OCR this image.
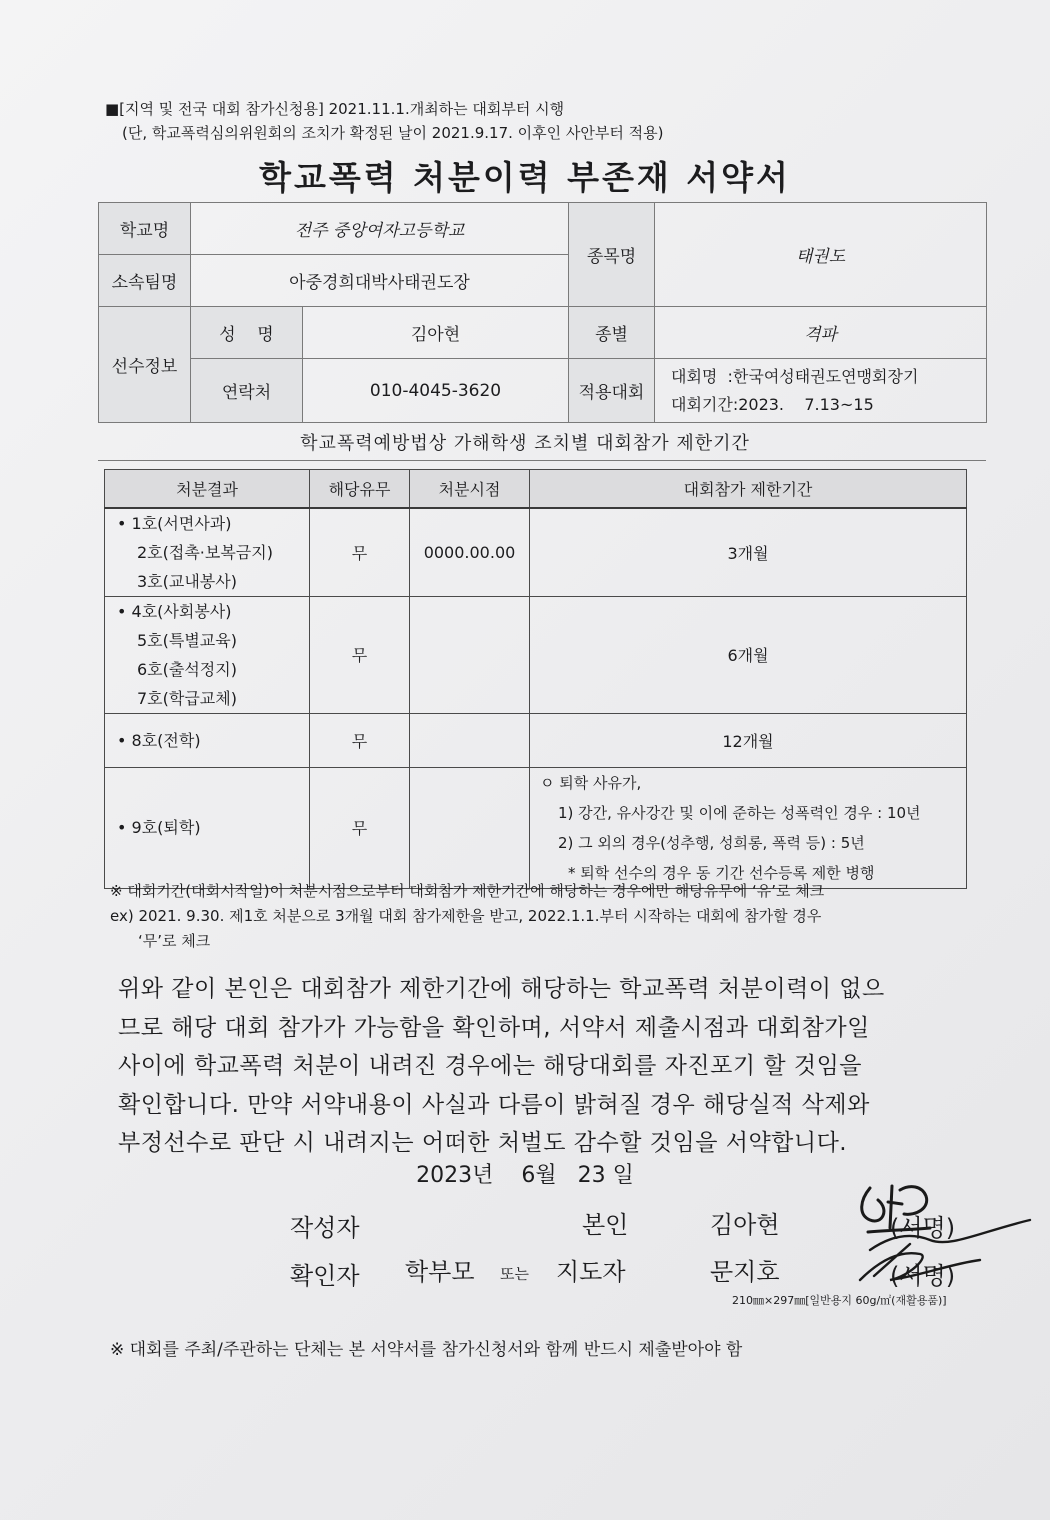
■[지역 및 전국 대회 참가신청용] 2021.11.1.개최하는 대회부터 시행
(단, 학교폭력심의위원회의 조치가 확정된 날이 2021.9.17. 이후인 사안부터 적용)
학교폭력 처분이력 부존재 서약서
학교명	전주 중앙여자고등학교		종목명	태권도
소속팀명	아중경희대박사태권도장			
선수정보	성    명	김아현	종별	격파
	연락처	010-4045-3620	적용대회	대회명  :한국여성태권도연맹회장기
대회기간:2023.    7.13~15
학교폭력예방법상 가해학생 조치별 대회참가 제한기간
처분결과	해당유무	처분시점	대회참가 제한기간

• 1호(서면사과)
2호(접촉·보복금지)
3호(교내봉사)	무	0000.00.00	3개월

• 4호(사회봉사)
5호(특별교육)
6호(출석정지)
7호(학급교체)	무		6개월

• 8호(전학)	무		12개월

• 9호(퇴학)	무		ㅇ 퇴학 사유가,
1) 강간, 유사강간 및 이에 준하는 성폭력인 경우 : 10년
2) 그 외의 경우(성추행, 성희롱, 폭력 등) : 5년
* 퇴학 선수의 경우 동 기간 선수등록 제한 병행
※ 대회기간(대회시작일)이 처분시점으로부터 대회참가 제한기간에 해당하는 경우에만 해당유무에 ‘유’로 체크
ex) 2021. 9.30. 제1호 처분으로 3개월 대회 참가제한을 받고, 2022.1.1.부터 시작하는 대회에 참가할 경우
‘무’로 체크
위와 같이 본인은 대회참가 제한기간에 해당하는 학교폭력 처분이력이 없으
므로 해당 대회 참가가 가능함을 확인하며, 서약서 제출시점과 대회참가일
사이에 학교폭력 처분이 내려진 경우에는 해당대회를 자진포기 할 것임을
확인합니다. 만약 서약내용이 사실과 다름이 밝혀질 경우 해당실적 삭제와
부정선수로 판단 시 내려지는 어떠한 처벌도 감수할 것임을 서약합니다.
2023년    6월   23 일
작성자	본인	김아현	(서명)
확인자 학부모 또는 지도자	문지호	(서명)
210㎜×297㎜[일반용지 60g/㎡(재활용품)]
※ 대회를 주최/주관하는 단체는 본 서약서를 참가신청서와 함께 반드시 제출받아야 함
